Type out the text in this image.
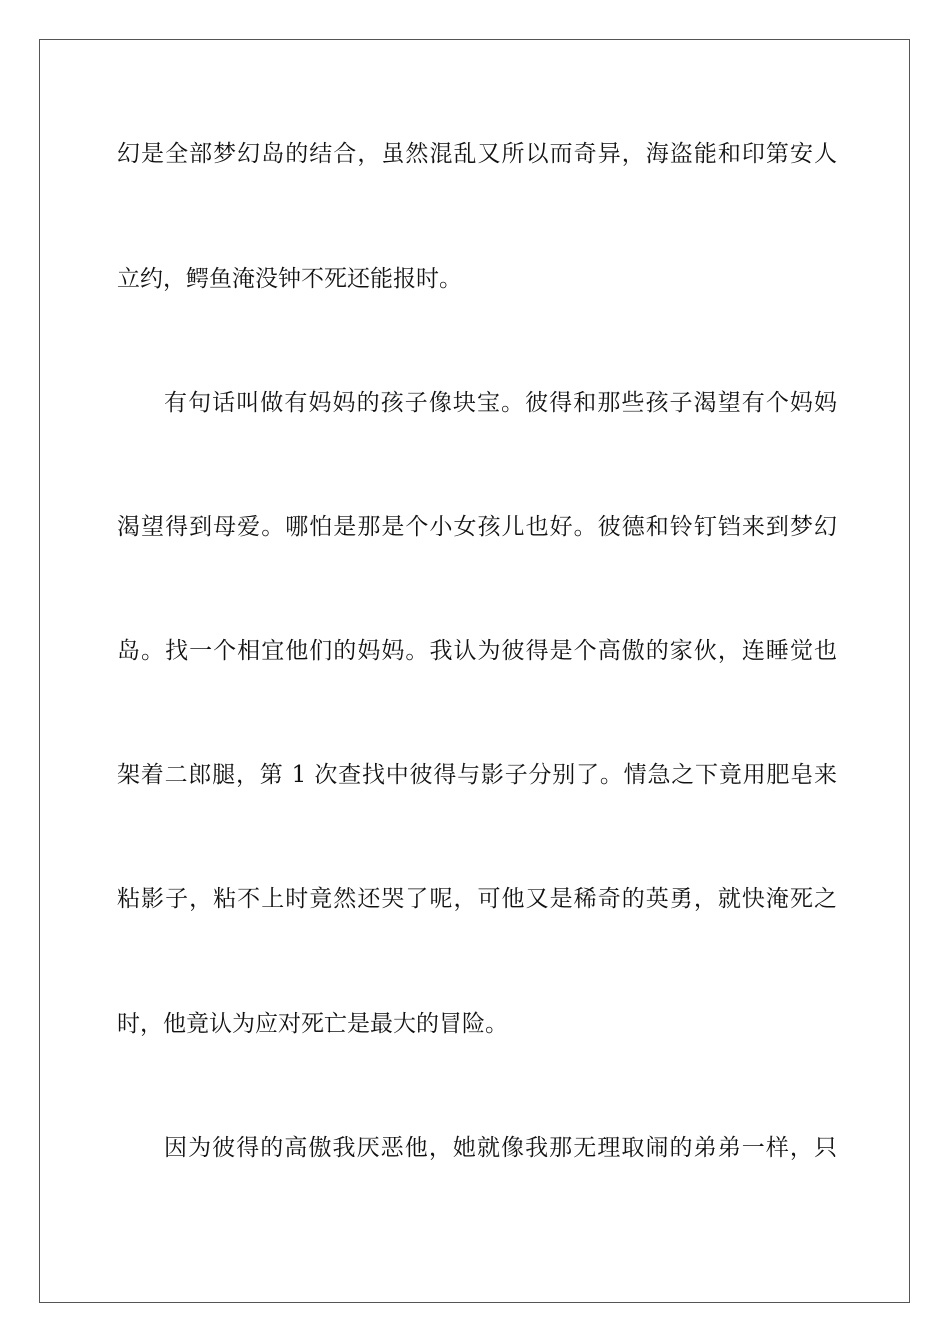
幻是全部梦幻岛的结合，虽然混乱又所以而奇异，海盗能和印第安人
立约，鳄鱼淹没钟不死还能报时。
有句话叫做有妈妈的孩子像块宝。彼得和那些孩子渴望有个妈妈
渴望得到母爱。哪怕是那是个小女孩儿也好。彼德和铃钉铛来到梦幻
岛。找一个相宜他们的妈妈。我认为彼得是个高傲的家伙，连睡觉也
架着二郎腿，第 1 次查找中彼得与影子分别了。情急之下竟用肥皂来
粘影子，粘不上时竟然还哭了呢，可他又是稀奇的英勇，就快淹死之
时，他竟认为应对死亡是最大的冒险。
因为彼得的高傲我厌恶他，她就像我那无理取闹的弟弟一样，只
